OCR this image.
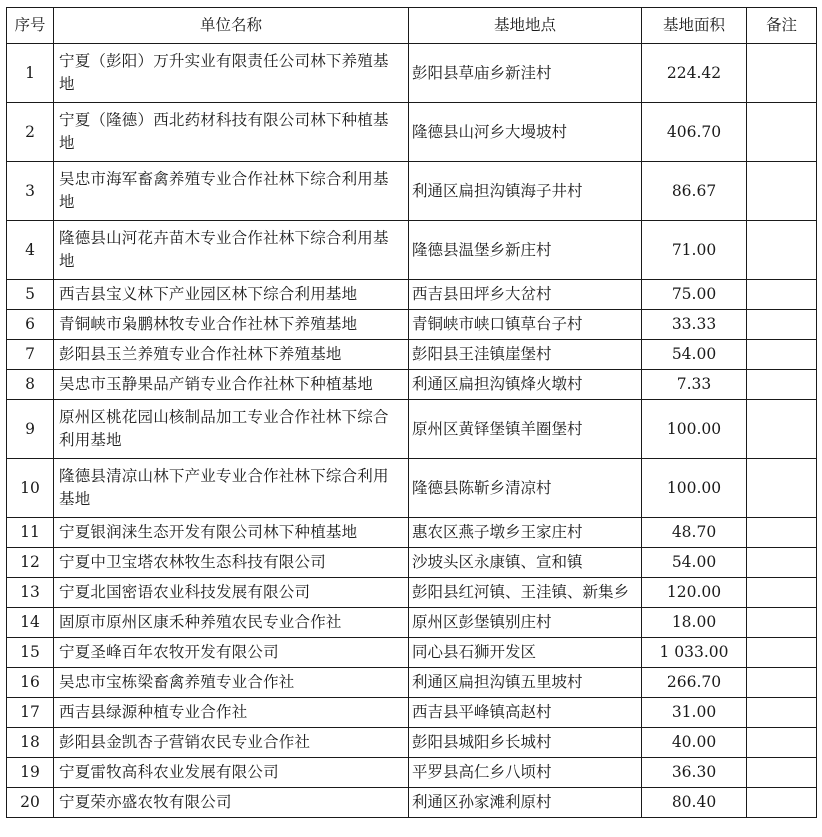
序号	单位名称	基地地点	基地面积	备注
1	宁夏（彭阳）万升实业有限责任公司林下养殖基地	彭阳县草庙乡新洼村	224.42	
2	宁夏（隆德）西北药材科技有限公司林下种植基地	隆德县山河乡大墁坡村	406.70	
3	吴忠市海军畜禽养殖专业合作社林下综合利用基地	利通区扁担沟镇海子井村	86.67	
4	隆德县山河花卉苗木专业合作社林下综合利用基地	隆德县温堡乡新庄村	71.00	
5	西吉县宝义林下产业园区林下综合利用基地	西吉县田坪乡大岔村	75.00	
6	青铜峡市枭鹏林牧专业合作社林下养殖基地	青铜峡市峡口镇草台子村	33.33	
7	彭阳县玉兰养殖专业合作社林下养殖基地	彭阳县王洼镇崖堡村	54.00	
8	吴忠市玉静果品产销专业合作社林下种植基地	利通区扁担沟镇烽火墩村	7.33	
9	原州区桃花园山核制品加工专业合作社林下综合利用基地	原州区黄铎堡镇羊圈堡村	100.00	
10	隆德县清凉山林下产业专业合作社林下综合利用基地	隆德县陈靳乡清凉村	100.00	
11	宁夏银润涞生态开发有限公司林下种植基地	惠农区燕子墩乡王家庄村	48.70	
12	宁夏中卫宝塔农林牧生态科技有限公司	沙坡头区永康镇、宣和镇	54.00	
13	宁夏北国密语农业科技发展有限公司	彭阳县红河镇、王洼镇、新集乡	120.00	
14	固原市原州区康禾种养殖农民专业合作社	原州区彭堡镇别庄村	18.00	
15	宁夏圣峰百年农牧开发有限公司	同心县石狮开发区	1 033.00	
16	吴忠市宝栋梁畜禽养殖专业合作社	利通区扁担沟镇五里坡村	266.70	
17	西吉县绿源种植专业合作社	西吉县平峰镇高赵村	31.00	
18	彭阳县金凯杏子营销农民专业合作社	彭阳县城阳乡长城村	40.00	
19	宁夏雷牧高科农业发展有限公司	平罗县高仁乡八顷村	36.30	
20	宁夏荣亦盛农牧有限公司	利通区孙家滩利原村	80.40	
